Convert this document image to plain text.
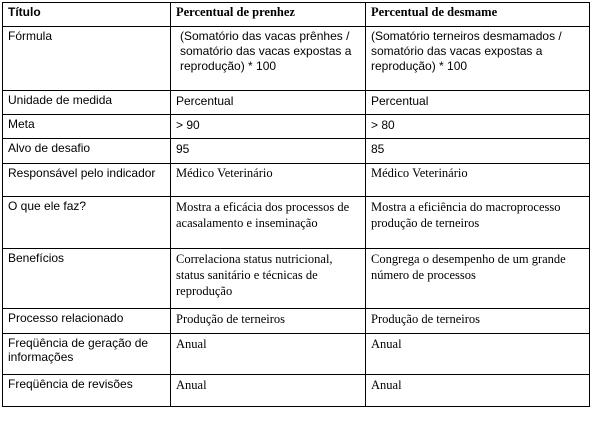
Título	Percentual de prenhez	Percentual de desmame
Fórmula	(Somatório das vacas prênhes / somatório das vacas expostas a reprodução) * 100	(Somatório terneiros desmamados / somatório das vacas expostas a reprodução) * 100

Unidade de medida	Percentual	Percentual
Meta	> 90	> 80
Alvo de desafio	95	85
Responsável pelo indicador	Médico Veterinário	Médico Veterinário
O que ele faz?	Mostra a eficácia dos processos de acasalamento e inseminação	Mostra a eficiência do macroprocesso produção de terneiros
Benefícios	Correlaciona status nutricional, status sanitário e técnicas de reprodução	Congrega o desempenho de um grande número de processos
Processo relacionado	Produção de terneiros	Produção de terneiros
Freqüência de geração de informações	Anual	Anual
Freqüência de revisões	Anual	Anual
